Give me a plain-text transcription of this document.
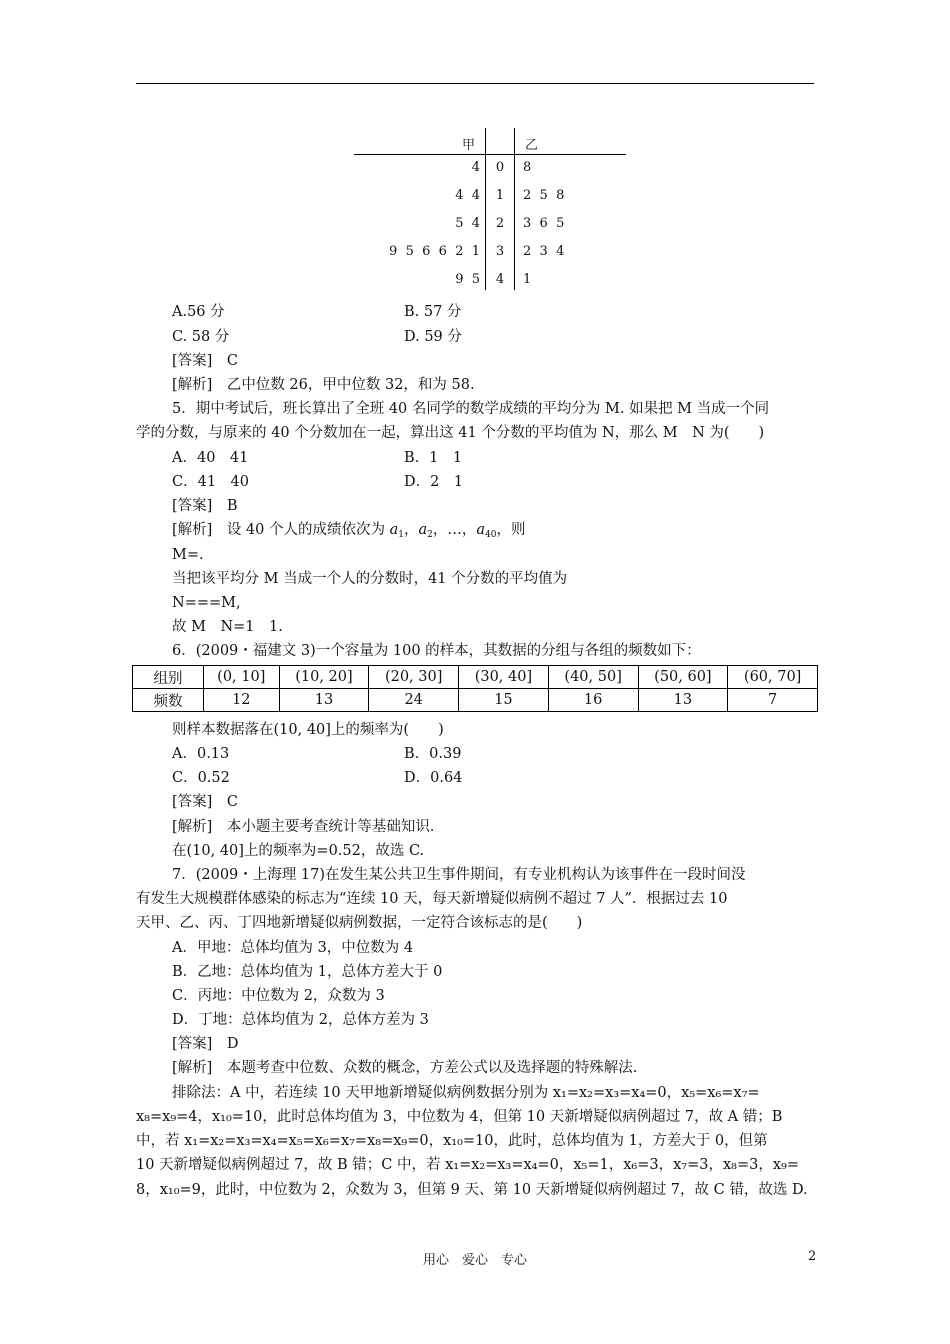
甲	乙
4	0	8
4  4	1	2  5  8
5  4	2	3  6  5
9  5  6  6  2  1	3	2  3  4
9  5	4	1
A.56 分	B. 57 分
C. 58 分	D. 59 分
[答案]　C
[解析]　乙中位数 26，甲中位数 32，和为 58.
5．期中考试后，班长算出了全班 40 名同学的数学成绩的平均分为 M. 如果把 M 当成一个同
学的分数，与原来的 40 个分数加在一起，算出这 41 个分数的平均值为 N，那么 M　N 为(　　)
A．40　41	B．1　1
C．41　40	D．2　1
[答案]　B
[解析]　设 40 个人的成绩依次为 $a_1$，$a_2$，…，$a_{40}$，则
M=.
当把该平均分 M 当成一个人的分数时，41 个分数的平均值为
N===M,
故 M　N=1　1.
6．(2009・福建文 3)一个容量为 100 的样本，其数据的分组与各组的频数如下：
组别	(0, 10]	(10, 20]	(20, 30]	(30, 40]	(40, 50]	(50, 60]	(60, 70]
频数	12	13	24	15	16	13	7
则样本数据落在(10, 40]上的频率为(　　)
A．0.13	B．0.39
C．0.52	D．0.64
[答案]　C
[解析]　本小题主要考查统计等基础知识.
在(10, 40]上的频率为=0.52，故选 C.
7．(2009・上海理 17)在发生某公共卫生事件期间，有专业机构认为该事件在一段时间没
有发生大规模群体感染的标志为“连续 10 天，每天新增疑似病例不超过 7 人”．根据过去 10
天甲、乙、丙、丁四地新增疑似病例数据，一定符合该标志的是(　　)
A．甲地：总体均值为 3，中位数为 4
B．乙地：总体均值为 1，总体方差大于 0
C．丙地：中位数为 2，众数为 3
D．丁地：总体均值为 2，总体方差为 3
[答案]　D
[解析]　本题考查中位数、众数的概念，方差公式以及选择题的特殊解法.
排除法：A 中，若连续 10 天甲地新增疑似病例数据分别为 x₁=x₂=x₃=x₄=0，x₅=x₆=x₇=
x₈=x₉=4，x₁₀=10，此时总体均值为 3，中位数为 4，但第 10 天新增疑似病例超过 7，故 A 错；B
中，若 x₁=x₂=x₃=x₄=x₅=x₆=x₇=x₈=x₉=0，x₁₀=10，此时，总体均值为 1，方差大于 0，但第
10 天新增疑似病例超过 7，故 B 错；C 中，若 x₁=x₂=x₃=x₄=0，x₅=1，x₆=3，x₇=3，x₈=3，x₉=
8，x₁₀=9，此时，中位数为 2，众数为 3，但第 9 天、第 10 天新增疑似病例超过 7，故 C 错，故选 D.
用心　爱心　专心	2
